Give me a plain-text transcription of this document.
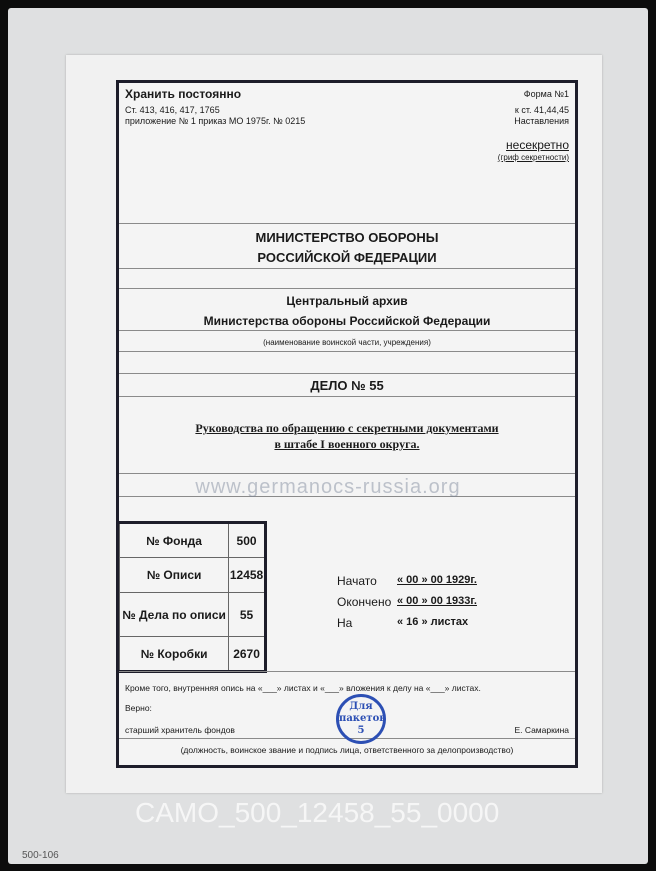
Хранить постоянно
Ст. 413, 416, 417, 1765
приложение № 1 приказ МО 1975г. № 0215
Форма №1
к ст. 41,44,45
Наставления
несекретно
(гриф секретности)
МИНИСТЕРСТВО ОБОРОНЫ
РОССИЙСКОЙ ФЕДЕРАЦИИ
Центральный архив
Министерства обороны Российской Федерации
(наименование воинской части, учреждения)
ДЕЛО № 55
Руководства по обращению с секретными документами
в штабе I военного округа.
№ Фонда	500
№ Описи	12458
№ Дела по описи	55
№ Коробки	2670
Начато « 00 » 00 1929г.
Окончено « 00 » 00 1933г.
На	« 16 » листах
Кроме того, внутренняя опись на «___» листах и «___» вложения к делу на «___» листах.
Верно:
старший хранитель фондов	Е. Самаркина
(должность, воинское звание и подпись лица, ответственного за делопроизводство)
Для
пакетов
5
www.germanocs-russia.org
CAMO_500_12458_55_0000
500-106
